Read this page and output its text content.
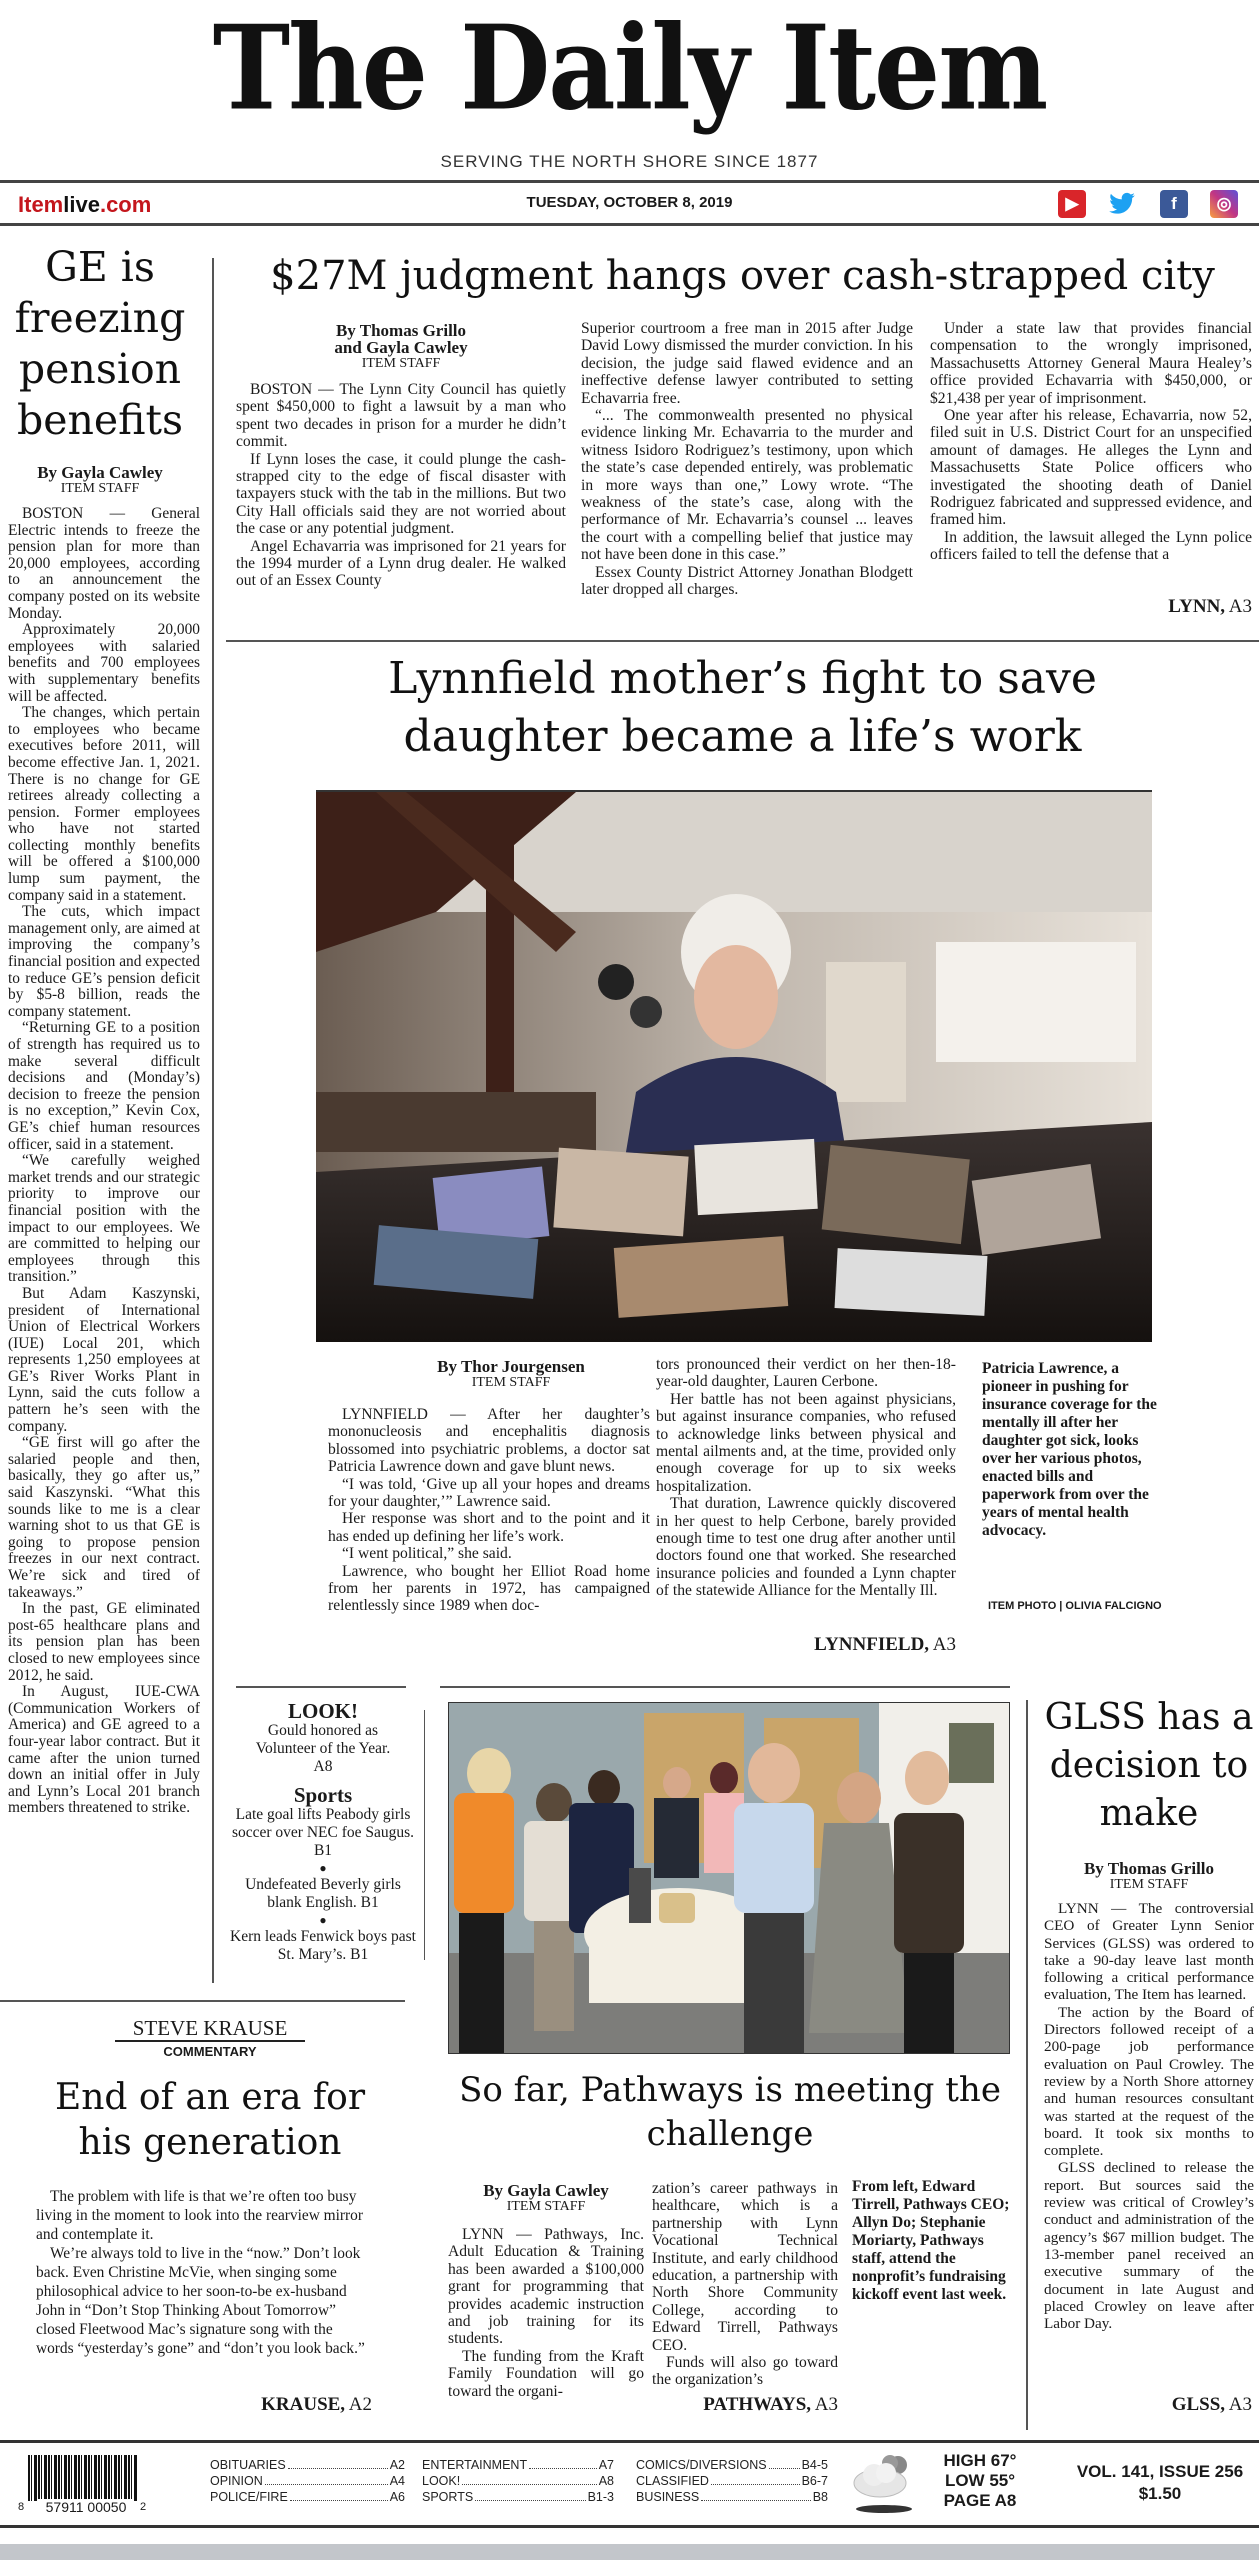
The Daily Item
SERVING THE NORTH SHORE SINCE 1877
Itemlive.com	TUESDAY, OCTOBER 8, 2019	▶	f	◎
GE is freezing pension benefits
By Gayla Cawley
ITEM STAFF

BOSTON — General Electric intends to freeze the pension plan for more than 20,000 employees, according to an announcement the company posted on its website Monday.

Approximately 20,000 employees with salaried benefits and 700 employees with supplementary benefits will be affected.

The changes, which pertain to employees who became executives before 2011, will become effective Jan. 1, 2021. There is no change for GE retirees already collecting a pension. Former employees who have not started collecting monthly benefits will be offered a $100,000 lump sum payment, the company said in a statement.

The cuts, which impact management only, are aimed at improving the company’s financial position and expected to reduce GE’s pension deficit by $5-8 billion, reads the company statement.

“Returning GE to a position of strength has required us to make several difficult decisions and (Monday’s) decision to freeze the pension is no exception,” Kevin Cox, GE’s chief human resources officer, said in a statement.

“We carefully weighed market trends and our strategic priority to improve our financial position with the impact to our employees. We are committed to helping our employees through this transition.”

But Adam Kaszynski, president of International Union of Electrical Workers (IUE) Local 201, which represents 1,250 employees at GE’s River Works Plant in Lynn, said the cuts follow a pattern he’s seen with the company.

“GE first will go after the salaried people and then, basically, they go after us,” said Kaszynski. “What this sounds like to me is a clear warning shot to us that GE is going to propose pension freezes in our next contract. We’re sick and tired of takeaways.”

In the past, GE eliminated post-65 healthcare plans and its pension plan has been closed to new employees since 2012, he said.

In August, IUE-CWA (Communication Workers of America) and GE agreed to a four-year labor contract. But it came after the union turned down an initial offer in July and Lynn’s Local 201 branch members threatened to strike.

$27M judgment hangs over cash-strapped city
By Thomas Grillo
and Gayla Cawley
ITEM STAFF

BOSTON — The Lynn City Council has quietly spent $450,000 to fight a lawsuit by a man who spent two decades in prison for a murder he didn’t commit.

If Lynn loses the case, it could plunge the cash-strapped city to the edge of fiscal disaster with taxpayers stuck with the tab in the millions. But two City Hall officials said they are not worried about the case or any potential judgment.

Angel Echavarria was imprisoned for 21 years for the 1994 murder of a Lynn drug dealer. He walked out of an Essex County

Superior courtroom a free man in 2015 after Judge David Lowy dismissed the murder conviction. In his decision, the judge said flawed evidence and an ineffective defense lawyer contributed to setting Echavarria free.

“... The commonwealth presented no physical evidence linking Mr. Echavarria to the murder and witness Isidoro Rodriguez’s testimony, upon which the state’s case depended entirely, was problematic in more ways than one,” Lowy wrote. “The weakness of the state’s case, along with the performance of Mr. Echavarria’s counsel ... leaves the court with a compelling belief that justice may not have been done in this case.”

Essex County District Attorney Jonathan Blodgett later dropped all charges.

Under a state law that provides financial compensation to the wrongly imprisoned, Massachusetts Attorney General Maura Healey’s office provided Echavarria with $450,000, or $21,438 per year of imprisonment.

One year after his release, Echavarria, now 52, filed suit in U.S. District Court for an unspecified amount of damages. He alleges the Lynn and Massachusetts State Police officers who investigated the shooting death of Daniel Rodriguez fabricated and suppressed evidence, and framed him.

In addition, the lawsuit alleged the Lynn police officers failed to tell the defense that a

LYNN, A3
Lynnfield mother’s fight to save
daughter became a life’s work
By Thor Jourgensen
ITEM STAFF

LYNNFIELD — After her daughter’s mononucleosis and encephalitis diagnosis blossomed into psychiatric problems, a doctor sat Patricia Lawrence down and gave blunt news.

“I was told, ‘Give up all your hopes and dreams for your daughter,’” Lawrence said.

Her response was short and to the point and it has ended up defining her life’s work.

“I went political,” she said.

Lawrence, who bought her Elliot Road home from her parents in 1972, has campaigned relentlessly since 1989 when doc-

tors pronounced their verdict on her then-18-year-old daughter, Lauren Cerbone.

Her battle has not been against physicians, but against insurance companies, who refused to acknowledge links between physical and mental ailments and, at the time, provided only enough coverage for up to six weeks hospitalization.

That duration, Lawrence quickly discovered in her quest to help Cerbone, barely provided enough time to test one drug after another until doctors found one that worked. She researched insurance policies and founded a Lynn chapter of the statewide Alliance for the Mentally Ill.

LYNNFIELD, A3
Patricia Lawrence, a pioneer in pushing for insurance coverage for the mentally ill after her daughter got sick, looks over her various photos, enacted bills and paperwork from over the years of mental health advocacy.
ITEM PHOTO | OLIVIA FALCIGNO
LOOK!
Gould honored as Volunteer of the Year. A8
Sports
Late goal lifts Peabody girls soccer over NEC foe Saugus. B1
●
Undefeated Beverly girls blank English. B1
●
Kern leads Fenwick boys past St. Mary’s. B1
STEVE KRAUSE
COMMENTARY
End of an era for his generation

The problem with life is that we’re often too busy living in the moment to look into the rearview mirror and contemplate it.

We’re always told to live in the “now.” Don’t look back. Even Christine McVie, when singing some philosophical advice to her soon-to-be ex-husband John in “Don’t Stop Thinking About Tomorrow” closed Fleetwood Mac’s signature song with the words “yesterday’s gone” and “don’t you look back.”

KRAUSE, A2
So far, Pathways is meeting the challenge
By Gayla Cawley
ITEM STAFF

LYNN — Pathways, Inc. Adult Education & Training has been awarded a $100,000 grant for programming that provides academic instruction and job training for its students.

The funding from the Kraft Family Foundation will go toward the organi-

zation’s career pathways in healthcare, which is a partnership with Lynn Vocational Technical Institute, and early childhood education, a partnership with North Shore Community College, according to Edward Tirrell, Pathways CEO.

Funds will also go toward the organization’s

PATHWAYS, A3
From left, Edward Tirrell, Pathways CEO; Allyn Do; Stephanie Moriarty, Pathways staff, attend the nonprofit’s fundraising kickoff event last week.
GLSS has a decision to make
By Thomas Grillo
ITEM STAFF

LYNN — The controversial CEO of Greater Lynn Senior Services (GLSS) was ordered to take a 90-day leave last month following a critical performance evaluation, The Item has learned.

The action by the Board of Directors followed receipt of a 200-page job performance evaluation on Paul Crowley. The review by a North Shore attorney and human resources consultant was started at the request of the board. It took six months to complete.

GLSS declined to release the report. But sources said the review was critical of Crowley’s conduct and administration of the agency’s $67 million budget. The 13-member panel received an executive summary of the document in late August and placed Crowley on leave after Labor Day.

GLSS, A3
8	57911 00050	2
OBITUARIES	A2
OPINION	A4
POLICE/FIRE	A6
ENTERTAINMENT	A7
LOOK!	A8
SPORTS	B1-3
COMICS/DIVERSIONS	B4-5
CLASSIFIED	B6-7
BUSINESS	B8
HIGH 67°
LOW 55°
PAGE A8
VOL. 141, ISSUE 256
$1.50
